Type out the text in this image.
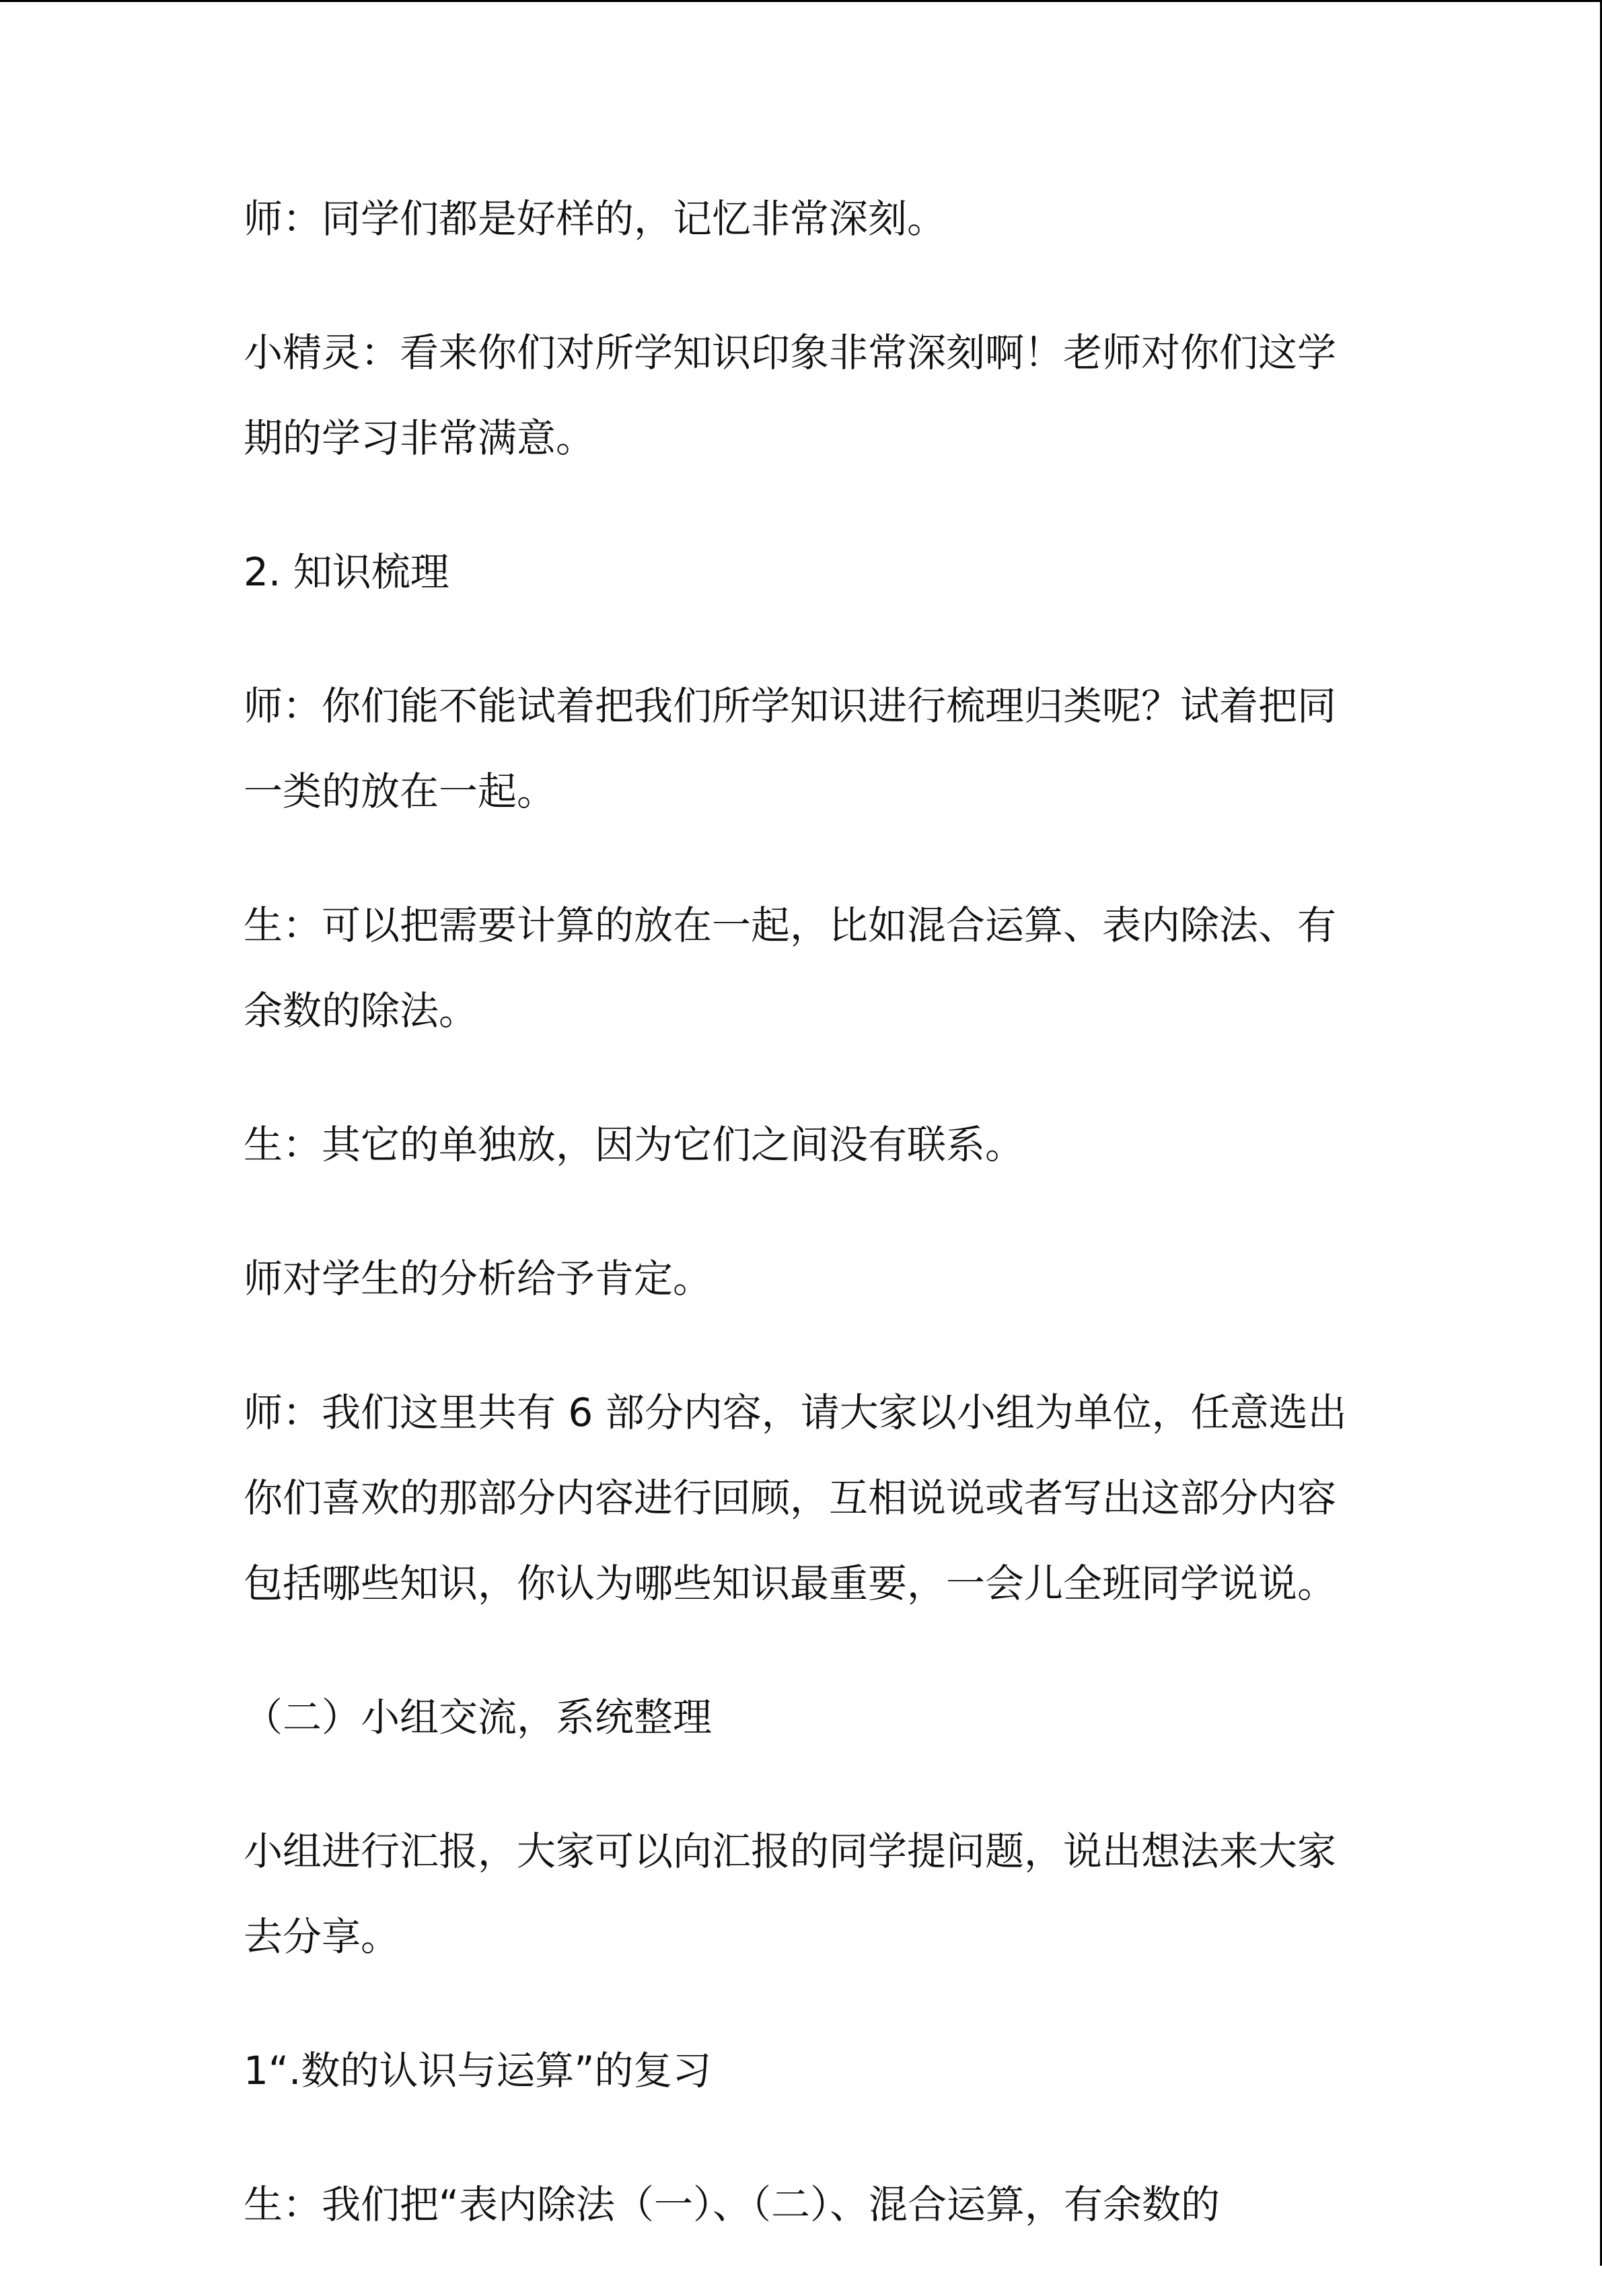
师：同学们都是好样的，记忆非常深刻。

小精灵：看来你们对所学知识印象非常深刻啊！老师对你们这学期的学习非常满意。

2. 知识梳理

师：你们能不能试着把我们所学知识进行梳理归类呢？试着把同一类的放在一起。

生：可以把需要计算的放在一起，比如混合运算、表内除法、有余数的除法。

生：其它的单独放，因为它们之间没有联系。

师对学生的分析给予肯定。

师：我们这里共有 6 部分内容，请大家以小组为单位，任意选出你们喜欢的那部分内容进行回顾，互相说说或者写出这部分内容包括哪些知识，你认为哪些知识最重要，一会儿全班同学说说。

（二）小组交流，系统整理

小组进行汇报，大家可以向汇报的同学提问题，说出想法来大家去分享。

1“.数的认识与运算”的复习

生：我们把“表内除法（一）、（二）、混合运算，有余数的
